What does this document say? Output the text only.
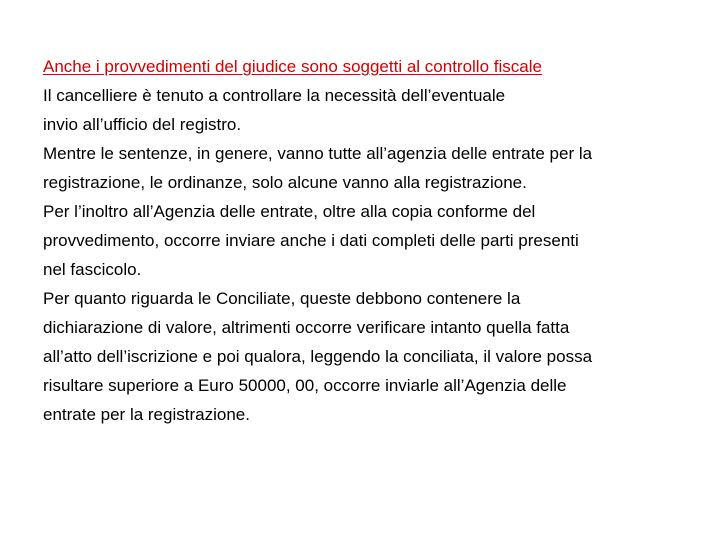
Anche i provvedimenti del giudice sono soggetti al controllo fiscale
Il cancelliere è tenuto a controllare la necessità dell’eventuale
invio all’ufficio del registro.
Mentre le sentenze, in genere, vanno tutte all’agenzia delle entrate per la
registrazione, le ordinanze, solo alcune vanno alla registrazione.
Per l’inoltro all’Agenzia delle entrate, oltre alla copia conforme del
provvedimento, occorre inviare anche i dati completi delle parti presenti
nel fascicolo.
Per quanto riguarda le Conciliate, queste debbono contenere la
dichiarazione di valore, altrimenti occorre verificare intanto quella fatta
all’atto dell’iscrizione e poi qualora, leggendo la conciliata, il valore possa
risultare superiore a Euro 50000, 00, occorre inviarle all’Agenzia delle
entrate per la registrazione.
